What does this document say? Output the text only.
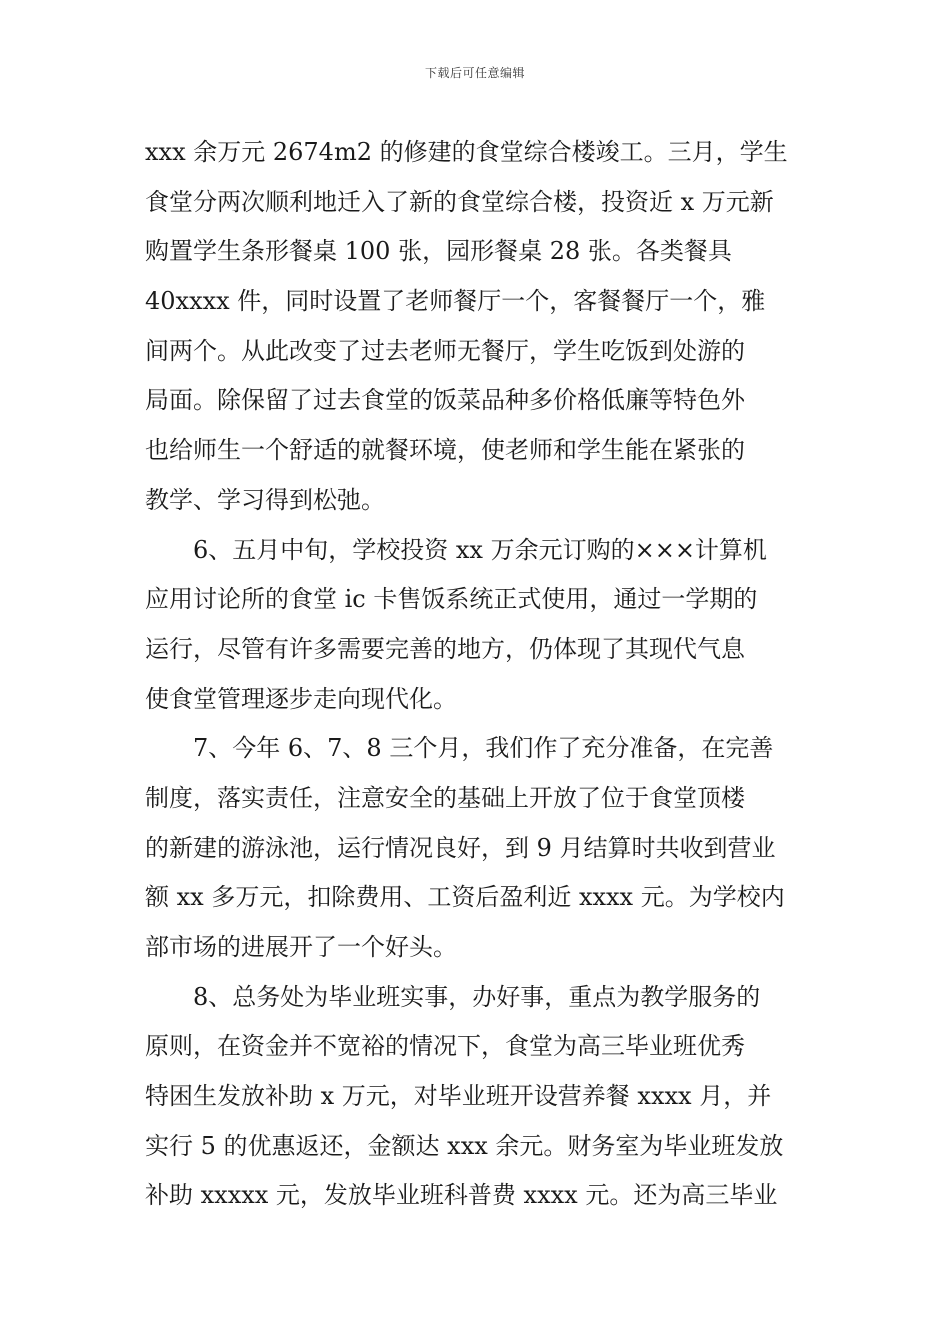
下载后可任意编辑
xxx 余万元 2674m2 的修建的食堂综合楼竣工。三月，学生
食堂分两次顺利地迁入了新的食堂综合楼，投资近 x 万元新
购置学生条形餐桌 100 张，园形餐桌 28 张。各类餐具
40xxxx 件，同时设置了老师餐厅一个，客餐餐厅一个，雅
间两个。从此改变了过去老师无餐厅，学生吃饭到处游的
局面。除保留了过去食堂的饭菜品种多价格低廉等特色外
也给师生一个舒适的就餐环境，使老师和学生能在紧张的
教学、学习得到松弛。
6、五月中旬，学校投资 xx 万余元订购的×××计算机
应用讨论所的食堂 ic 卡售饭系统正式使用，通过一学期的
运行，尽管有许多需要完善的地方，仍体现了其现代气息
使食堂管理逐步走向现代化。
7、今年 6、7、8 三个月，我们作了充分准备，在完善
制度，落实责任，注意安全的基础上开放了位于食堂顶楼
的新建的游泳池，运行情况良好，到 9 月结算时共收到营业
额 xx 多万元，扣除费用、工资后盈利近 xxxx 元。为学校内
部市场的进展开了一个好头。
8、总务处为毕业班实事，办好事，重点为教学服务的
原则，在资金并不宽裕的情况下，食堂为高三毕业班优秀
特困生发放补助 x 万元，对毕业班开设营养餐 xxxx 月，并
实行 5 的优惠返还，金额达 xxx 余元。财务室为毕业班发放
补助 xxxxx 元，发放毕业班科普费 xxxx 元。还为高三毕业
